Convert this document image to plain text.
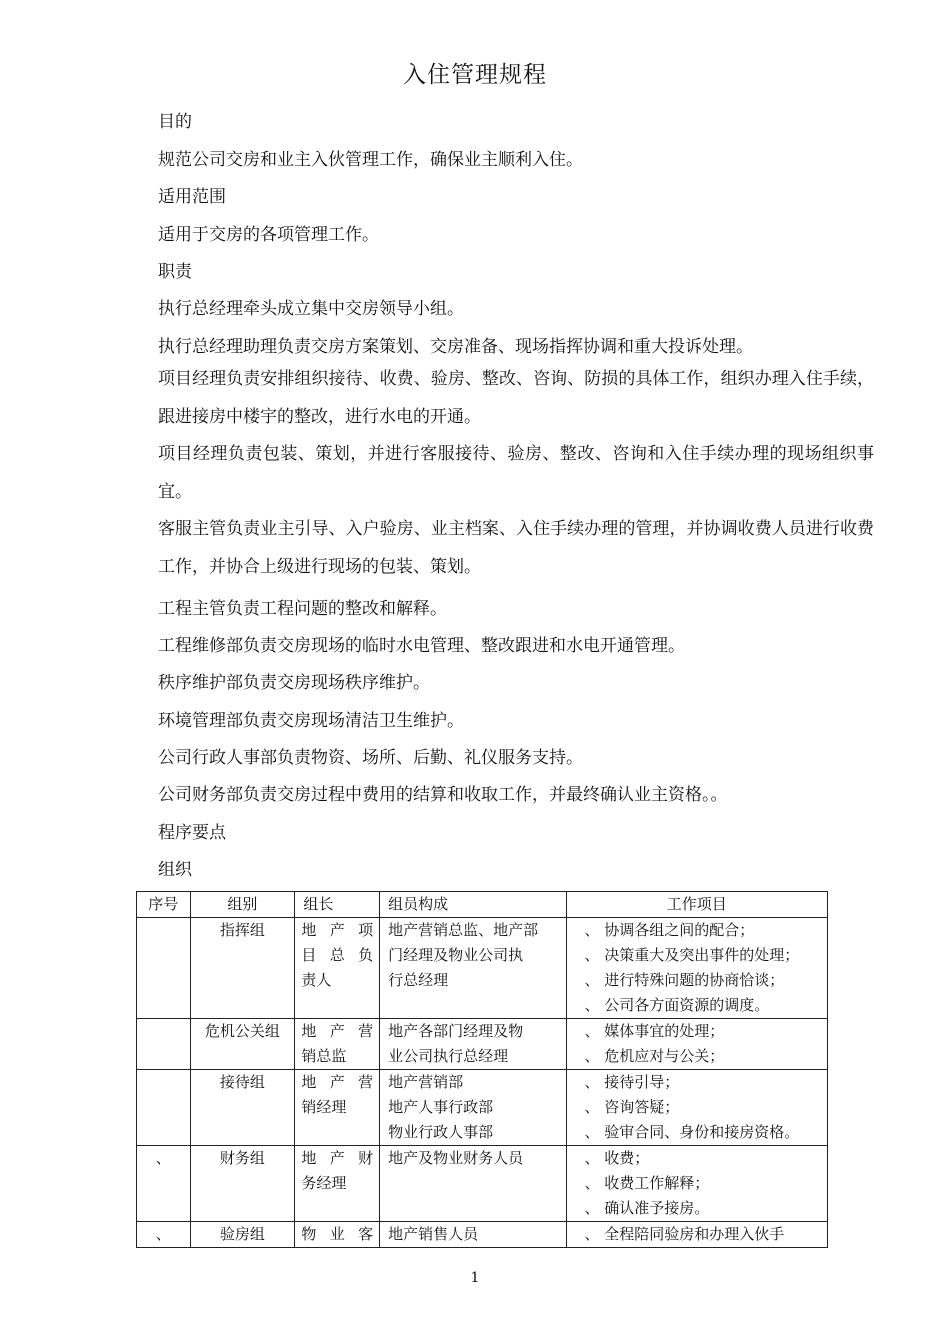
入住管理规程
目的
规范公司交房和业主入伙管理工作，确保业主顺利入住。
适用范围
适用于交房的各项管理工作。
职责
执行总经理牵头成立集中交房领导小组。
执行总经理助理负责交房方案策划、交房准备、现场指挥协调和重大投诉处理。
项目经理负责安排组织接待、收费、验房、整改、咨询、防损的具体工作，组织办理入住手续，跟进接房中楼宇的整改，进行水电的开通。
项目经理负责包装、策划，并进行客服接待、验房、整改、咨询和入住手续办理的现场组织事宜。
客服主管负责业主引导、入户验房、业主档案、入住手续办理的管理，并协调收费人员进行收费工作，并协合上级进行现场的包装、策划。
工程主管负责工程问题的整改和解释。
工程维修部负责交房现场的临时水电管理、整改跟进和水电开通管理。
秩序维护部负责交房现场秩序维护。
环境管理部负责交房现场清洁卫生维护。
公司行政人事部负责物资、场所、后勤、礼仪服务支持。
公司财务部负责交房过程中费用的结算和收取工作，并最终确认业主资格。。
程序要点
组织
序号	组别	组长	组员构成	工作项目
	指挥组	地 产 项
目 总 负
责人	地产营销总监、地产部
门经理及物业公司执
行总经理	、 协调各组之间的配合；
、 决策重大及突出事件的处理；
、 进行特殊问题的协商恰谈；
、 公司各方面资源的调度。

	危机公关组	地 产 营
销总监	地产各部门经理及物
业公司执行总经理	、 媒体事宜的处理；
、 危机应对与公关；

	接待组	地 产 营
销经理	地产营销部
地产人事行政部
物业行政人事部	、 接待引导；
、 咨询答疑；
、 验审合同、身份和接房资格。

、	财务组	地 产 财
务经理	地产及物业财务人员	、 收费；
、 收费工作解释；
、 确认准予接房。

、	验房组	物 业 客	地产销售人员	、 全程陪同验房和办理入伙手
1
